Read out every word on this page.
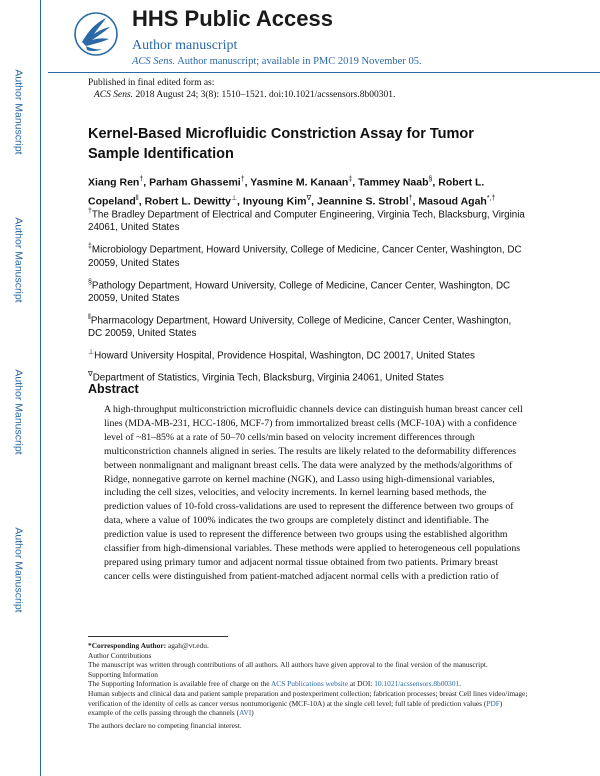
Author Manuscript
Author Manuscript
Author Manuscript
Author Manuscript
HHS Public Access
Author manuscript
ACS Sens. Author manuscript; available in PMC 2019 November 05.
Published in final edited form as:
ACS Sens. 2018 August 24; 3(8): 1510–1521. doi:10.1021/acssensors.8b00301.
Kernel-Based Microfluidic Constriction Assay for Tumor Sample Identification
Xiang Ren†, Parham Ghassemi†, Yasmine M. Kanaan‡, Tammey Naab§, Robert L. Copeland‖, Robert L. Dewitty⊥, Inyoung Kim∇, Jeannine S. Strobl†, Masoud Agah*,†
†The Bradley Department of Electrical and Computer Engineering, Virginia Tech, Blacksburg, Virginia 24061, United States
‡Microbiology Department, Howard University, College of Medicine, Cancer Center, Washington, DC 20059, United States
§Pathology Department, Howard University, College of Medicine, Cancer Center, Washington, DC 20059, United States
‖Pharmacology Department, Howard University, College of Medicine, Cancer Center, Washington, DC 20059, United States
⊥Howard University Hospital, Providence Hospital, Washington, DC 20017, United States
∇Department of Statistics, Virginia Tech, Blacksburg, Virginia 24061, United States
Abstract
A high-throughput multiconstriction microfluidic channels device can distinguish human breast cancer cell lines (MDA-MB-231, HCC-1806, MCF-7) from immortalized breast cells (MCF-10A) with a confidence level of ~81–85% at a rate of 50–70 cells/min based on velocity increment differences through multiconstriction channels aligned in series. The results are likely related to the deformability differences between nonmalignant and malignant breast cells. The data were analyzed by the methods/algorithms of Ridge, nonnegative garrote on kernel machine (NGK), and Lasso using high-dimensional variables, including the cell sizes, velocities, and velocity increments. In kernel learning based methods, the prediction values of 10-fold cross-validations are used to represent the difference between two groups of data, where a value of 100% indicates the two groups are completely distinct and identifiable. The prediction value is used to represent the difference between two groups using the established algorithm classifier from high-dimensional variables. These methods were applied to heterogeneous cell populations prepared using primary tumor and adjacent normal tissue obtained from two patients. Primary breast cancer cells were distinguished from patient-matched adjacent normal cells with a prediction ratio of
*Corresponding Author: agah@vt.edu.
Author Contributions
The manuscript was written through contributions of all authors. All authors have given approval to the final version of the manuscript.
Supporting Information
The Supporting Information is available free of charge on the ACS Publications website at DOI: 10.1021/acssensors.8b00301.
Human subjects and clinical data and patient sample preparation and postexperiment collection; fabrication processes; breast Cell lines video/image; verification of the identity of cells as cancer versus nontumorigenic (MCF-10A) at the single cell level; full table of prediction values (PDF) example of the cells passing through the channels (AVI)
The authors declare no competing financial interest.
